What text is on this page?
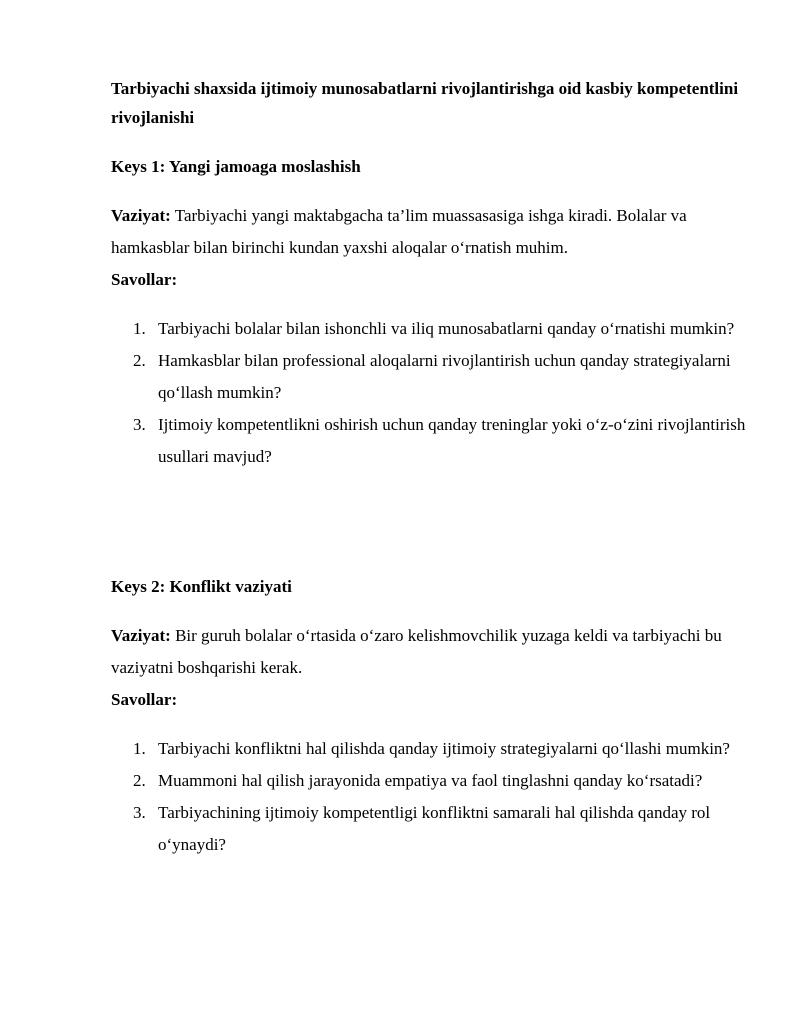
Tarbiyachi shaxsida ijtimoiy munosabatlarni rivojlantirishga oid kasbiy kompetentlini rivojlanishi

Keys 1: Yangi jamoaga moslashish

Vaziyat: Tarbiyachi yangi maktabgacha ta’lim muassasasiga ishga kiradi. Bolalar va hamkasblar bilan birinchi kundan yaxshi aloqalar o‘rnatish muhim.

Savollar:

1. Tarbiyachi bolalar bilan ishonchli va iliq munosabatlarni qanday o‘rnatishi mumkin?
2. Hamkasblar bilan professional aloqalarni rivojlantirish uchun qanday strategiyalarni qo‘llash mumkin?
3. Ijtimoiy kompetentlikni oshirish uchun qanday treninglar yoki o‘z-o‘zini rivojlantirish usullari mavjud?

Keys 2: Konflikt vaziyati

Vaziyat: Bir guruh bolalar o‘rtasida o‘zaro kelishmovchilik yuzaga keldi va tarbiyachi bu vaziyatni boshqarishi kerak.

Savollar:

1. Tarbiyachi konfliktni hal qilishda qanday ijtimoiy strategiyalarni qo‘llashi mumkin?
2. Muammoni hal qilish jarayonida empatiya va faol tinglashni qanday ko‘rsatadi?
3. Tarbiyachining ijtimoiy kompetentligi konfliktni samarali hal qilishda qanday rol o‘ynaydi?
